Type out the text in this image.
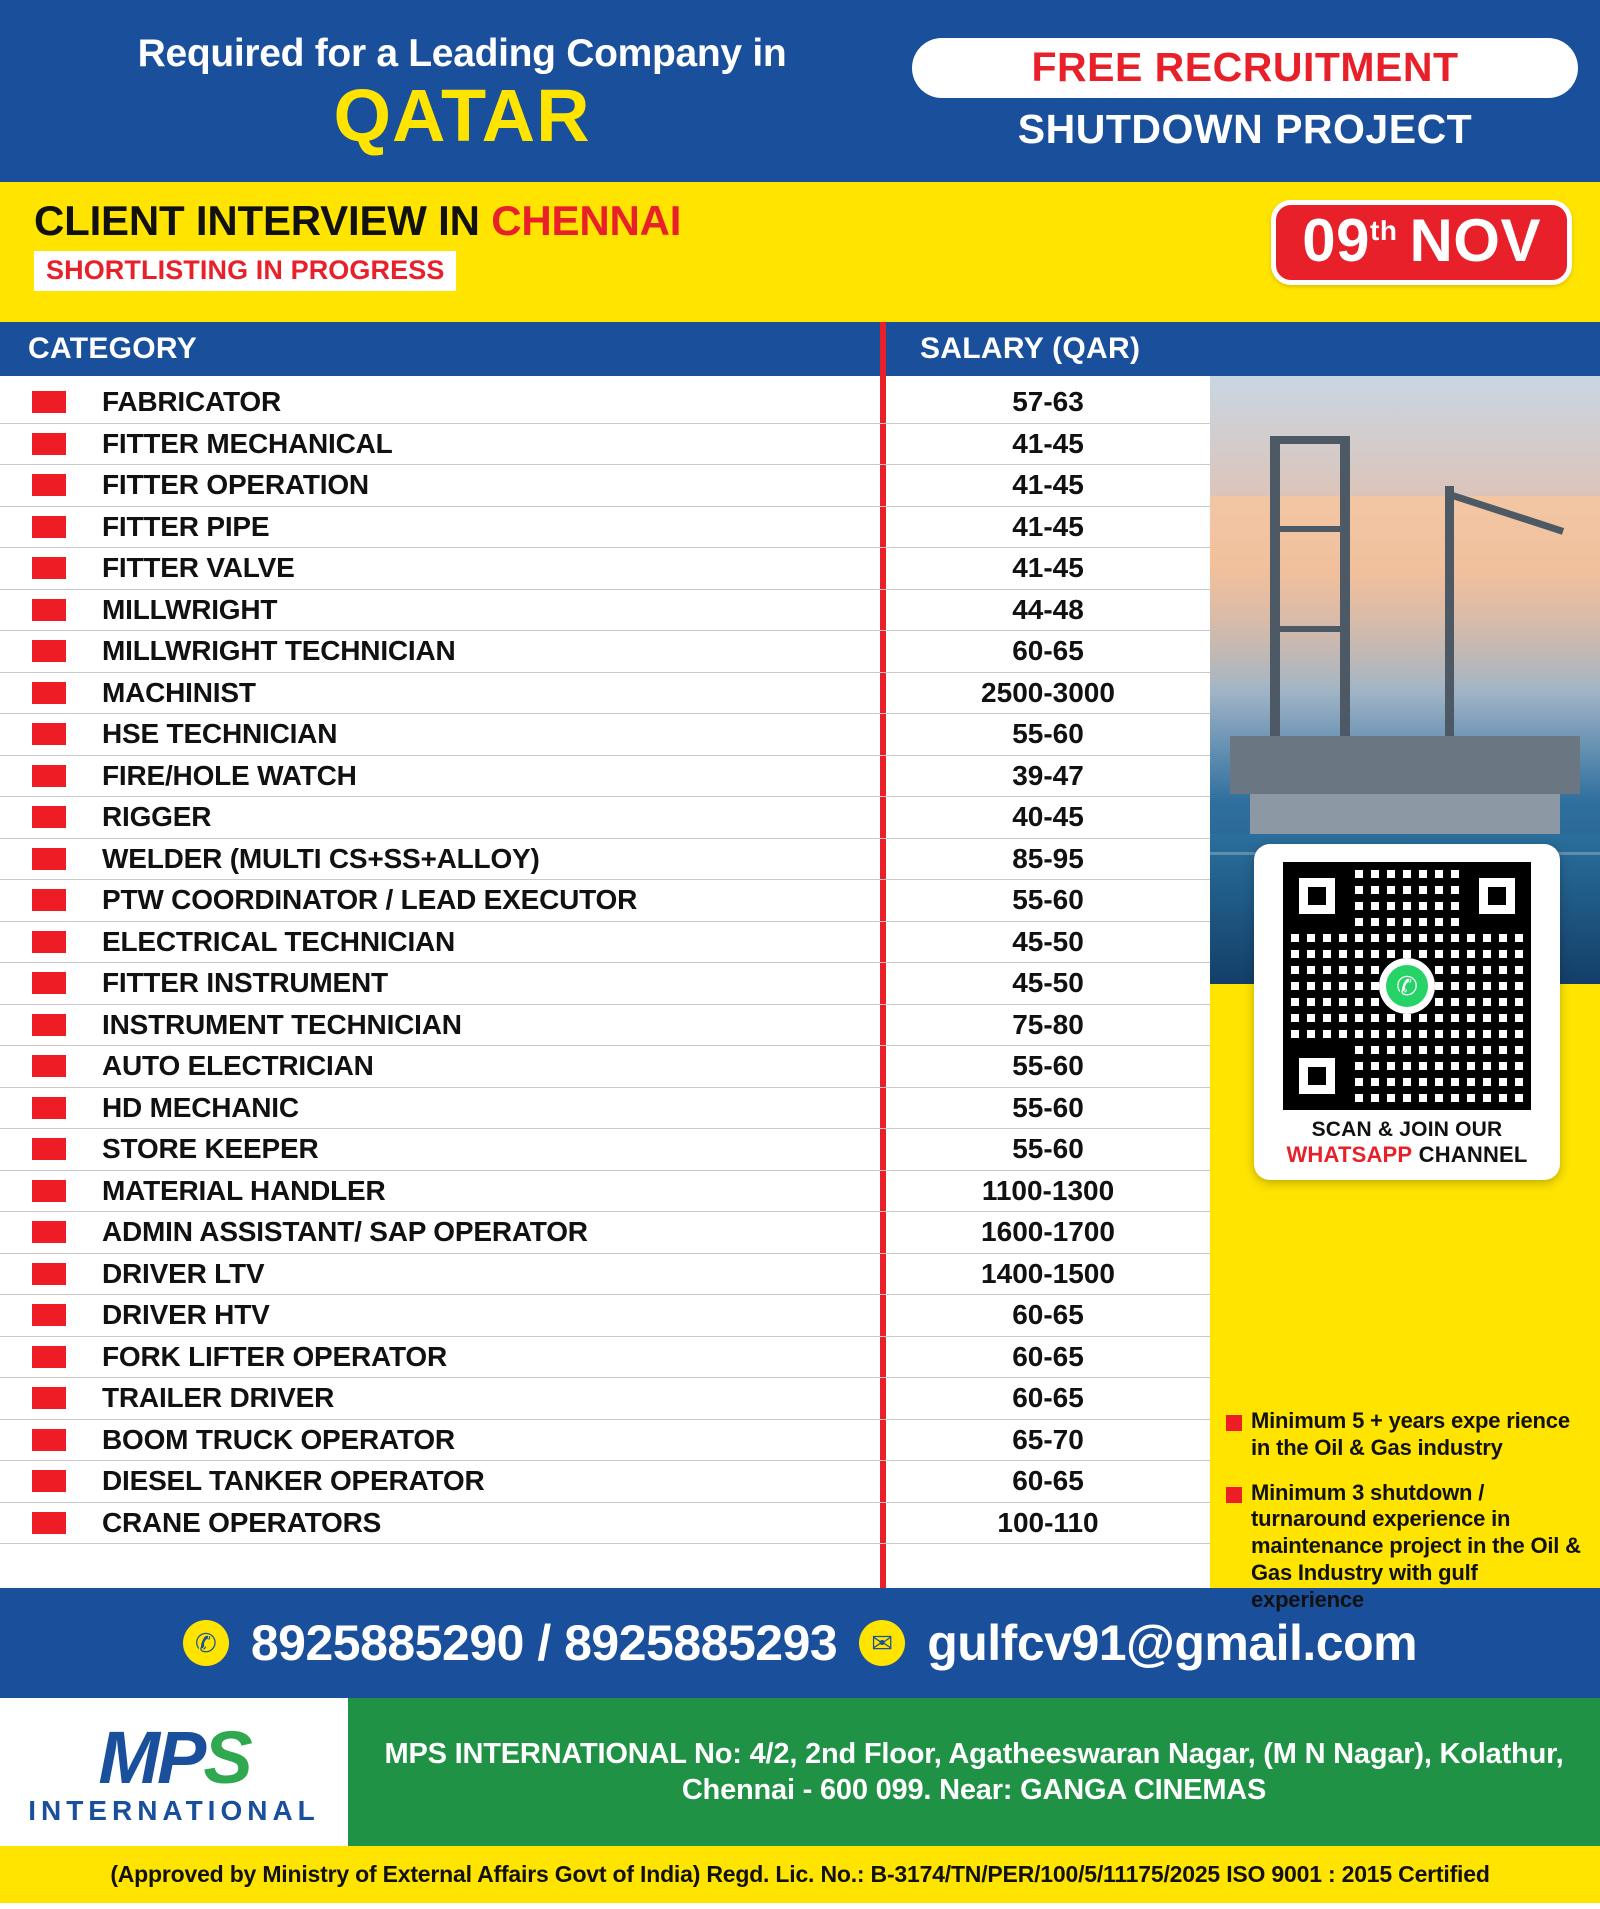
Required for a Leading Company in
QATAR
FREE RECRUITMENT
SHUTDOWN PROJECT
CLIENT INTERVIEW IN CHENNAI
SHORTLISTING IN PROGRESS	09th NOV
CATEGORY	SALARY (QAR)
FABRICATOR	57-63
FITTER MECHANICAL	41-45
FITTER OPERATION	41-45
FITTER PIPE	41-45
FITTER VALVE	41-45
MILLWRIGHT	44-48
MILLWRIGHT TECHNICIAN	60-65
MACHINIST	2500-3000
HSE TECHNICIAN	55-60
FIRE/HOLE WATCH	39-47
RIGGER	40-45
WELDER (MULTI CS+SS+ALLOY)	85-95
PTW COORDINATOR / LEAD EXECUTOR	55-60
ELECTRICAL TECHNICIAN	45-50
FITTER INSTRUMENT	45-50
INSTRUMENT TECHNICIAN	75-80
AUTO ELECTRICIAN	55-60
HD MECHANIC	55-60
STORE KEEPER	55-60
MATERIAL HANDLER	1100-1300
ADMIN ASSISTANT/ SAP OPERATOR	1600-1700
DRIVER LTV	1400-1500
DRIVER HTV	60-65
FORK LIFTER OPERATOR	60-65
TRAILER DRIVER	60-65
BOOM TRUCK OPERATOR	65-70
DIESEL TANKER OPERATOR	60-65
CRANE OPERATORS	100-110
✆
SCAN & JOIN OUR
WHATSAPP CHANNEL

Minimum 5 + years expe rience in the Oil & Gas industry

Minimum 3 shutdown / turnaround experience in maintenance project in the Oil & Gas Industry with gulf experience

✆ 8925885290 / 8925885293	✉ gulfcv91@gmail.com
MPS
INTERNATIONAL

MPS INTERNATIONAL No: 4/2, 2nd Floor, Agatheeswaran Nagar, (M N Nagar), Kolathur, Chennai - 600 099. Near: GANGA CINEMAS

(Approved by Ministry of External Affairs Govt of India) Regd. Lic. No.: B-3174/TN/PER/100/5/11175/2025 ISO 9001 : 2015 Certified
